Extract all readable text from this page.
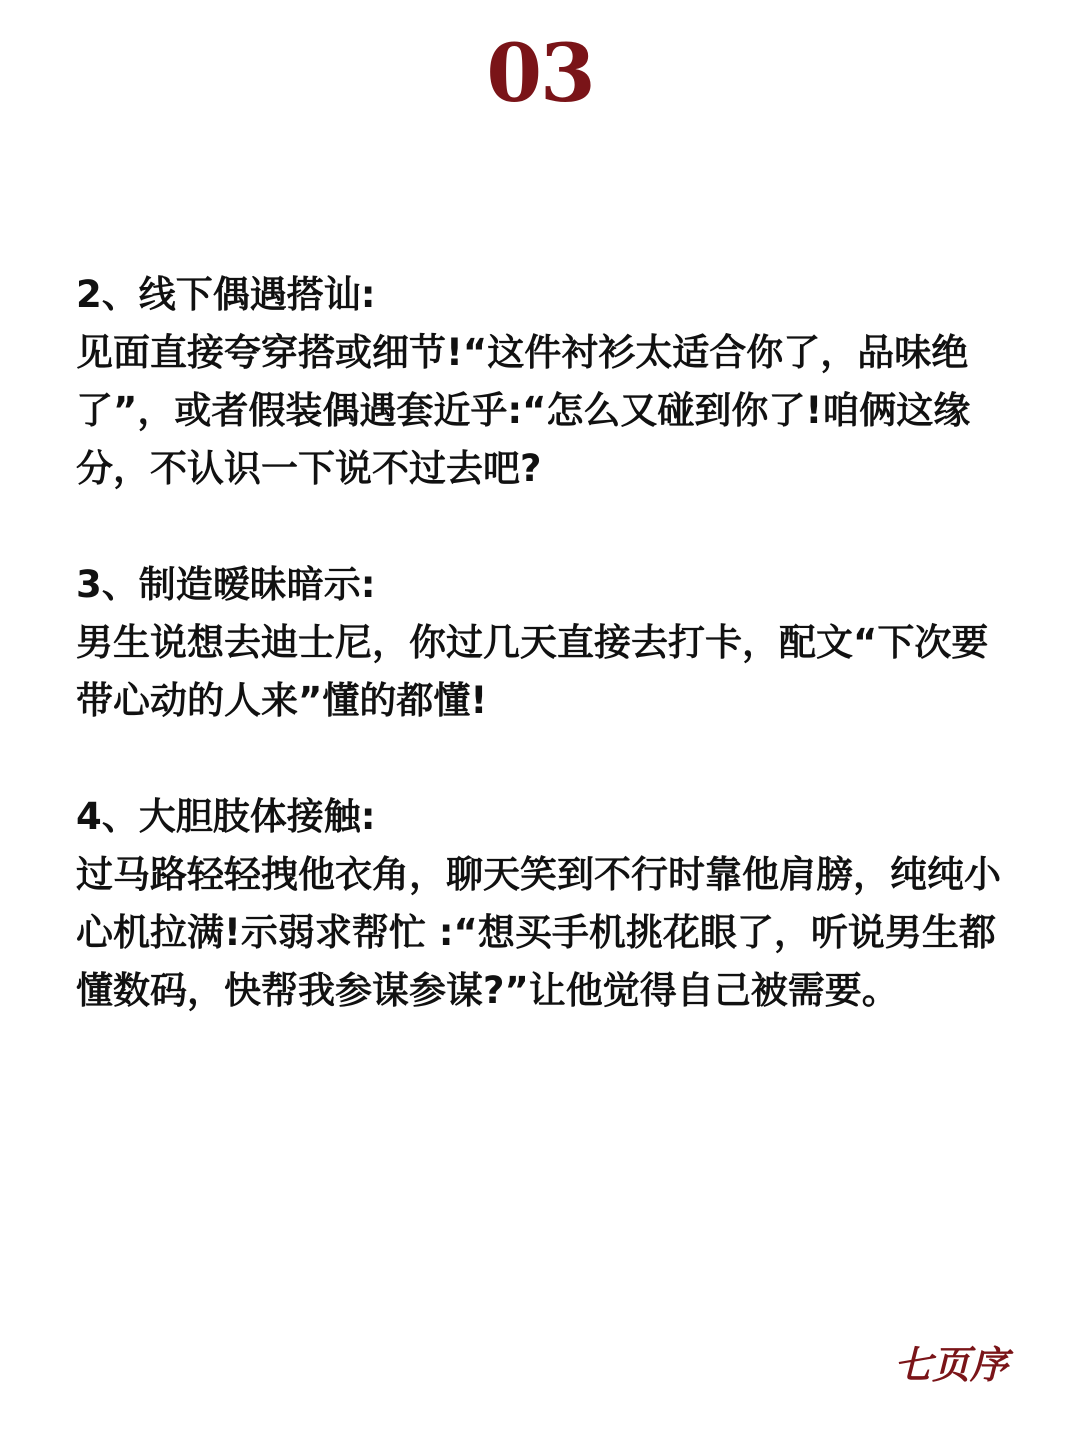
03

2、线下偶遇搭讪:

见面直接夸穿搭或细节!“这件衬衫太适合你了，品味绝了”，或者假装偶遇套近乎:“怎么又碰到你了!咱俩这缘分，不认识一下说不过去吧?

3、制造暧昧暗示:

男生说想去迪士尼，你过几天直接去打卡，配文“下次要带心动的人来”懂的都懂!

4、大胆肢体接触:

过马路轻轻拽他衣角，聊天笑到不行时靠他肩膀，纯纯小心机拉满!示弱求帮忙 :“想买手机挑花眼了，听说男生都懂数码，快帮我参谋参谋?”让他觉得自己被需要。

七页序
